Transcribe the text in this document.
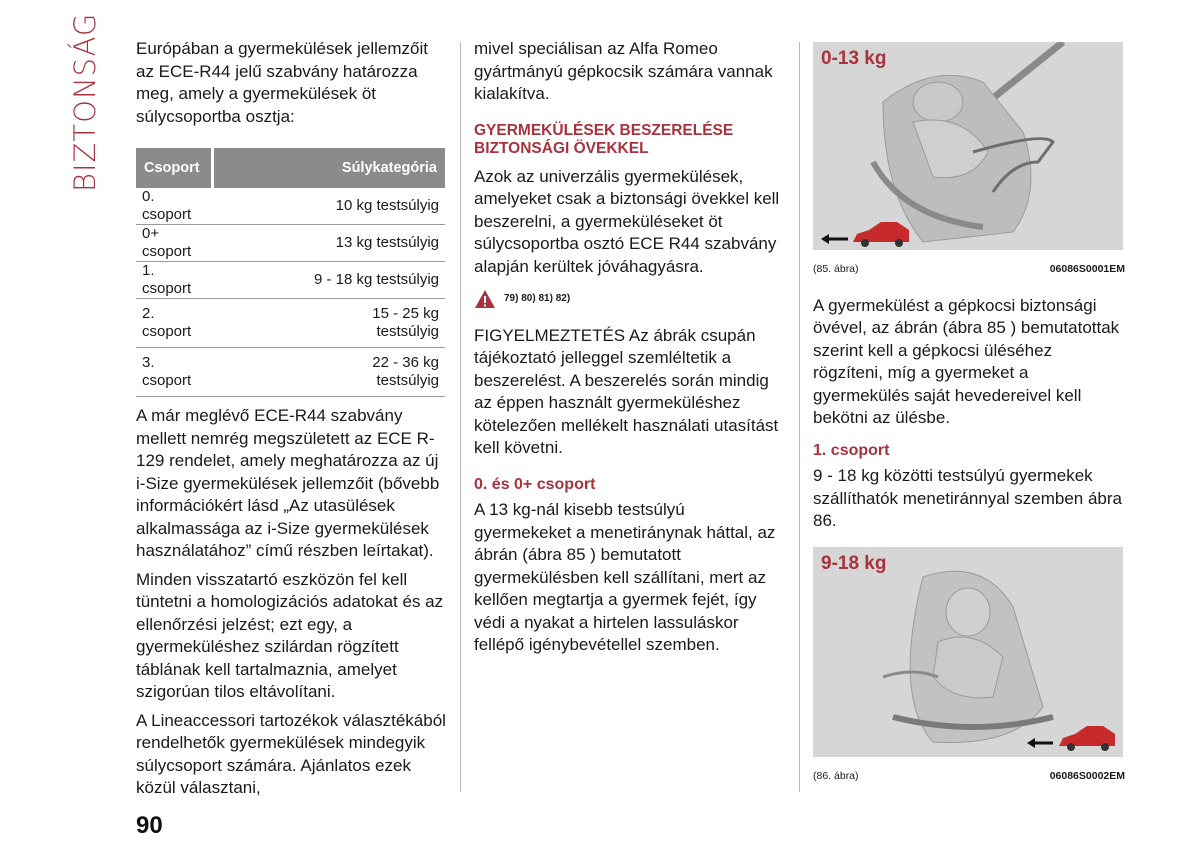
BIZTONSÁG Európában a gyermekülések jellemzőit az ECE-R44 jelű szabvány határozza meg, amely a gyermekülések öt súlycsoportba osztja:

Csoport	Súlykategória
0. csoport	10 kg testsúlyig
0+ csoport	13 kg testsúlyig
1. csoport	9 - 18 kg testsúlyig
2. csoport	15 - 25 kg testsúlyig
3. csoport	22 - 36 kg testsúlyig

A már meglévő ECE-R44 szabvány mellett nemrég megszületett az ECE R-129 rendelet, amely meghatározza az új i-Size gyermekülések jellemzőit (bővebb információkért lásd „Az utasülések alkalmassága az i-Size gyermekülések használatához” című részben leírtakat).

Minden visszatartó eszközön fel kell tüntetni a homologizációs adatokat és az ellenőrzési jelzést; ezt egy, a gyermeküléshez szilárdan rögzített táblának kell tartalmaznia, amelyet szigorúan tilos eltávolítani.

A Lineaccessori tartozékok választékából rendelhetők gyermekülések mindegyik súlycsoport számára. Ajánlatos ezek közül választani,

mivel speciálisan az Alfa Romeo gyártmányú gépkocsik számára vannak kialakítva.

GYERMEKÜLÉSEK BESZERELÉSE BIZTONSÁGI ÖVEKKEL

Azok az univerzális gyermekülések, amelyeket csak a biztonsági övekkel kell beszerelni, a gyermeküléseket öt súlycsoportba osztó ECE R44 szabvány alapján kerültek jóváhagyásra.

79) 80) 81) 82)

FIGYELMEZTETÉS Az ábrák csupán tájékoztató jelleggel szemléltetik a beszerelést. A beszerelés során mindig az éppen használt gyermeküléshez kötelezően mellékelt használati utasítást kell követni.

0. és 0+ csoport

A 13 kg-nál kisebb testsúlyú gyermekeket a menetiránynak háttal, az ábrán (ábra 85 ) bemutatott gyermekülésben kell szállítani, mert az kellően megtartja a gyermek fejét, így védi a nyakat a hirtelen lassuláskor fellépő igénybevétellel szemben.

0-13 kg
(85. ábra)	06086S0001EM

A gyermekülést a gépkocsi biztonsági övével, az ábrán (ábra 85 ) bemutatottak szerint kell a gépkocsi üléséhez rögzíteni, míg a gyermeket a gyermekülés saját hevedereivel kell bekötni az ülésbe.

1. csoport

9 - 18 kg közötti testsúlyú gyermekek szállíthatók menetiránnyal szemben ábra 86.

9-18 kg
(86. ábra)	06086S0002EM
90
